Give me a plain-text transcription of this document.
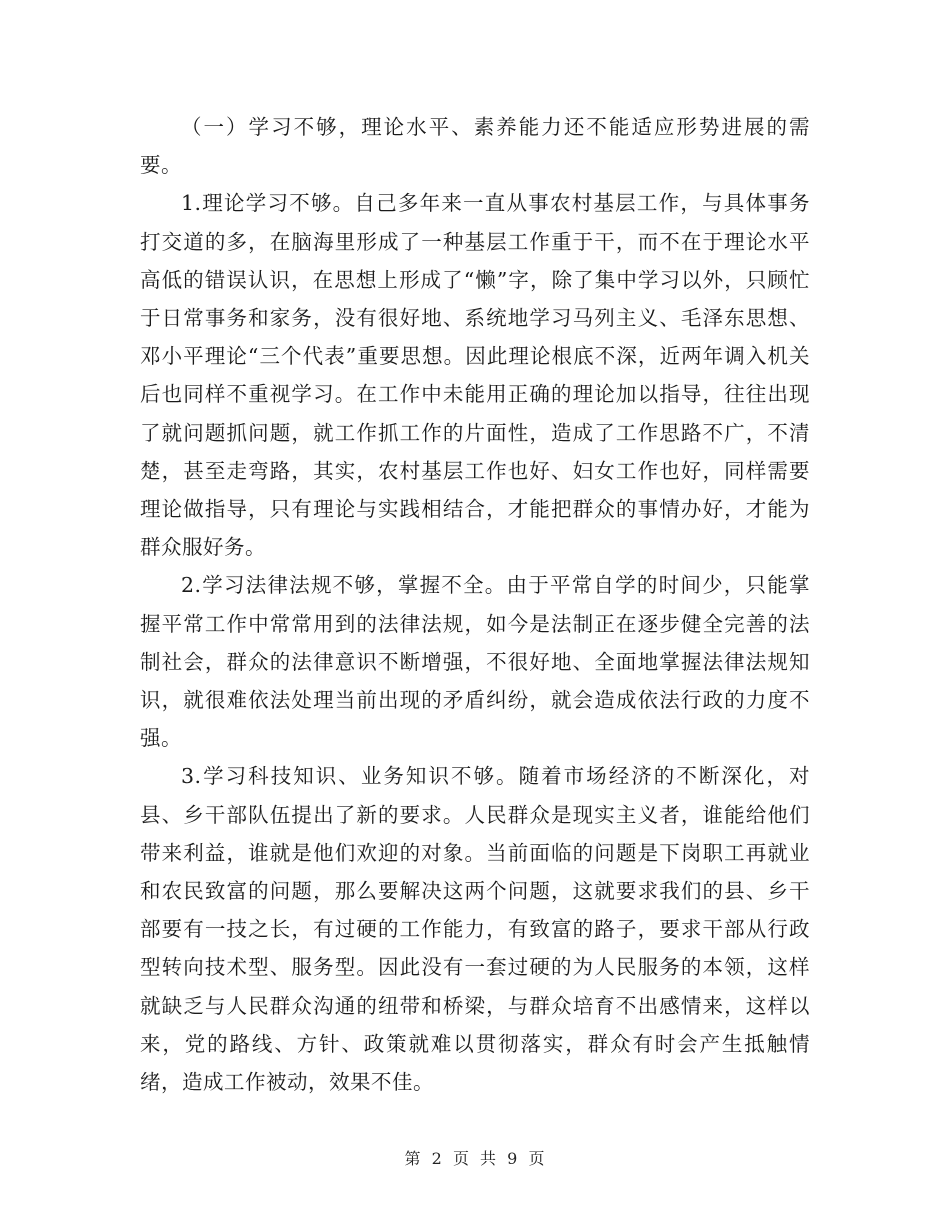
（一）学习不够，理论水平、素养能力还不能适应形势进展的需要。

1.理论学习不够。自己多年来一直从事农村基层工作，与具体事务打交道的多，在脑海里形成了一种基层工作重于干，而不在于理论水平高低的错误认识，在思想上形成了“懒”字，除了集中学习以外，只顾忙于日常事务和家务，没有很好地、系统地学习马列主义、毛泽东思想、邓小平理论“三个代表”重要思想。因此理论根底不深，近两年调入机关后也同样不重视学习。在工作中未能用正确的理论加以指导，往往出现了就问题抓问题，就工作抓工作的片面性，造成了工作思路不广，不清楚，甚至走弯路，其实，农村基层工作也好、妇女工作也好，同样需要理论做指导，只有理论与实践相结合，才能把群众的事情办好，才能为群众服好务。

2.学习法律法规不够，掌握不全。由于平常自学的时间少，只能掌握平常工作中常常用到的法律法规，如今是法制正在逐步健全完善的法制社会，群众的法律意识不断增强，不很好地、全面地掌握法律法规知识，就很难依法处理当前出现的矛盾纠纷，就会造成依法行政的力度不强。

3.学习科技知识、业务知识不够。随着市场经济的不断深化，对县、乡干部队伍提出了新的要求。人民群众是现实主义者，谁能给他们带来利益，谁就是他们欢迎的对象。当前面临的问题是下岗职工再就业和农民致富的问题，那么要解决这两个问题，这就要求我们的县、乡干部要有一技之长，有过硬的工作能力，有致富的路子，要求干部从行政型转向技术型、服务型。因此没有一套过硬的为人民服务的本领，这样就缺乏与人民群众沟通的纽带和桥梁，与群众培育不出感情来，这样以来，党的路线、方针、政策就难以贯彻落实，群众有时会产生抵触情绪，造成工作被动，效果不佳。

第 2 页 共 9 页
